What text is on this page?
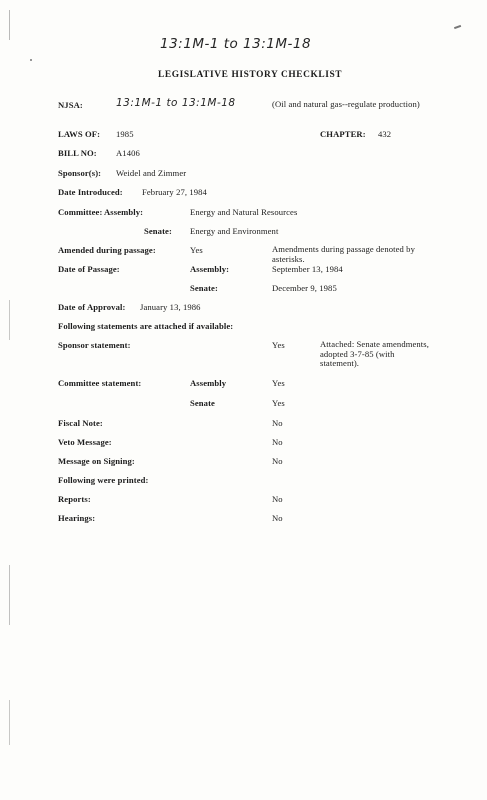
13:1M-1 to 13:1M-18
LEGISLATIVE HISTORY CHECKLIST
NJSA:	13:1M-1 to 13:1M-18	(Oil and natural gas--regulate production)
LAWS OF: 1985	CHAPTER: 432
BILL NO: A1406
Sponsor(s): Weidel and Zimmer
Date Introduced: February 27, 1984
Committee: Assembly:	Energy and Natural Resources
Senate: Energy and Environment
Amended during passage:	Yes	Amendments during passage denoted by asterisks.
Date of Passage:	Assembly:	September 13, 1984
Senate:	December 9, 1985
Date of Approval: January 13, 1986
Following statements are attached if available:
Sponsor statement:	Yes	Attached: Senate amendments, adopted 3-7-85 (with statement).
Committee statement:	Assembly	Yes
Senate	Yes
Fiscal Note:	No
Veto Message:	No
Message on Signing:	No
Following were printed:
Reports:	No
Hearings:	No
